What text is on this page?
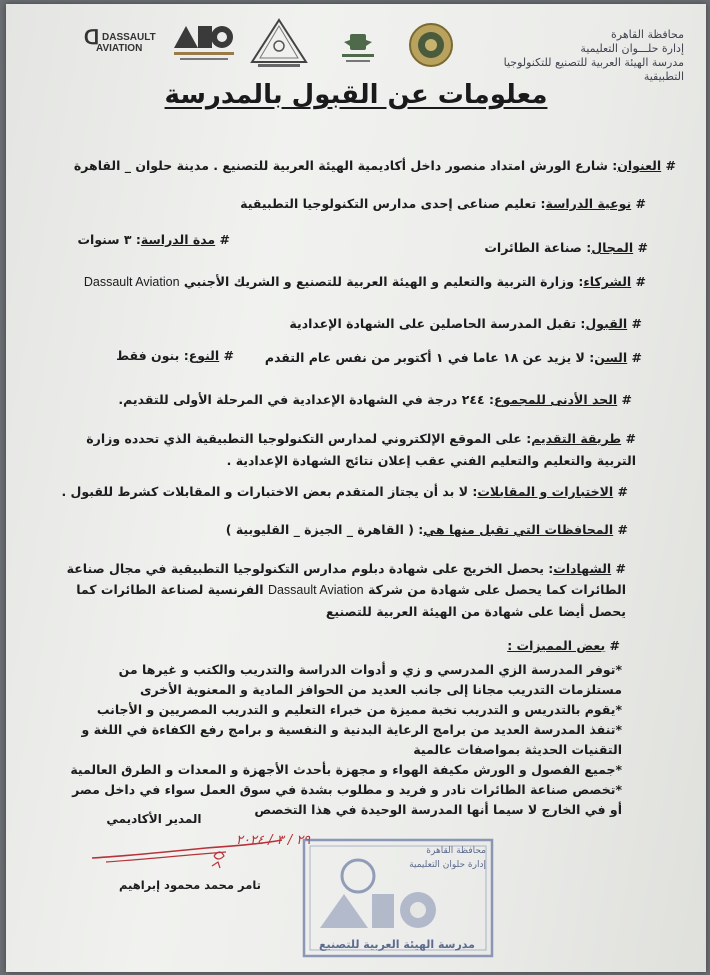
ᗡ DASSAULT
AVIATION
محافظة القاهرة
إدارة حلـــوان التعليمية
مدرسة الهيئة العربية للتصنيع للتكنولوجيا التطبيقية
معلومات عن القبول بالمدرسة
# العنوان: شارع الورش امتداد منصور داخل أكاديمية الهيئة العربية للتصنيع . مدينة حلوان _ القاهرة
# نوعية الدراسة: تعليم صناعى إحدى مدارس التكنولوجيا التطبيقية
# مدة الدراسة: ٣ سنوات
# المجال: صناعة الطائرات
# الشركاء: وزارة التربية والتعليم و الهيئة العربية للتصنيع و الشريك الأجنبي Dassault Aviation
# القبول: تقبل المدرسة الحاصلين على الشهادة الإعدادية
# السن: لا يزيد عن ١٨ عاما في ١ أكتوبر من نفس عام التقدم
# النوع: بنون فقط
# الحد الأدنى للمجموع: ٢٤٤ درجة في الشهادة الإعدادية في المرحلة الأولى للتقديم.
# طريقة التقديم: على الموقع الإلكتروني لمدارس التكنولوجيا التطبيقية الذي تحدده وزارة التربية والتعليم والتعليم الفني عقب إعلان نتائج الشهادة الإعدادية .
# الاختبارات و المقابلات: لا بد أن يجتاز المتقدم بعض الاختبارات و المقابلات كشرط للقبول .
# المحافظات التي تقبل منها هي: ( القاهرة _ الجيزة _ القليوبية )
# الشهادات: يحصل الخريج على شهادة دبلوم مدارس التكنولوجيا التطبيقية في مجال صناعة الطائرات كما يحصل على شهادة من شركة Dassault Aviation الفرنسية لصناعة الطائرات كما يحصل أيضا على شهادة من الهيئة العربية للتصنيع
# بعض المميزات :
*توفر المدرسة الزي المدرسي و زي و أدوات الدراسة والتدريب والكتب و غيرها من مستلزمات التدريب مجانا إلى جانب العديد من الحوافز المادية و المعنوية الأخرى
*يقوم بالتدريس و التدريب نخبة مميزة من خبراء التعليم و التدريب المصريين و الأجانب
*تنفذ المدرسة العديد من برامج الرعاية البدنية و النفسية و برامج رفع الكفاءة في اللغة و التقنيات الحديثة بمواصفات عالمية
*جميع الفصول و الورش مكيفة الهواء و مجهزة بأحدث الأجهزة و المعدات و الطرق العالمية
*تخصص صناعة الطائرات نادر و فريد و مطلوب بشدة في سوق العمل سواء في داخل مصر أو في الخارج لا سيما أنها المدرسة الوحيدة في هذا التخصص
المدير الأكاديمي
٢٩ / ٣ / ٢٠٢٤
تامر محمد محمود إبراهيم
محافظة القاهرة
إدارة حلوان التعليمية
مدرسة الهيئة العربية للتصنيع
